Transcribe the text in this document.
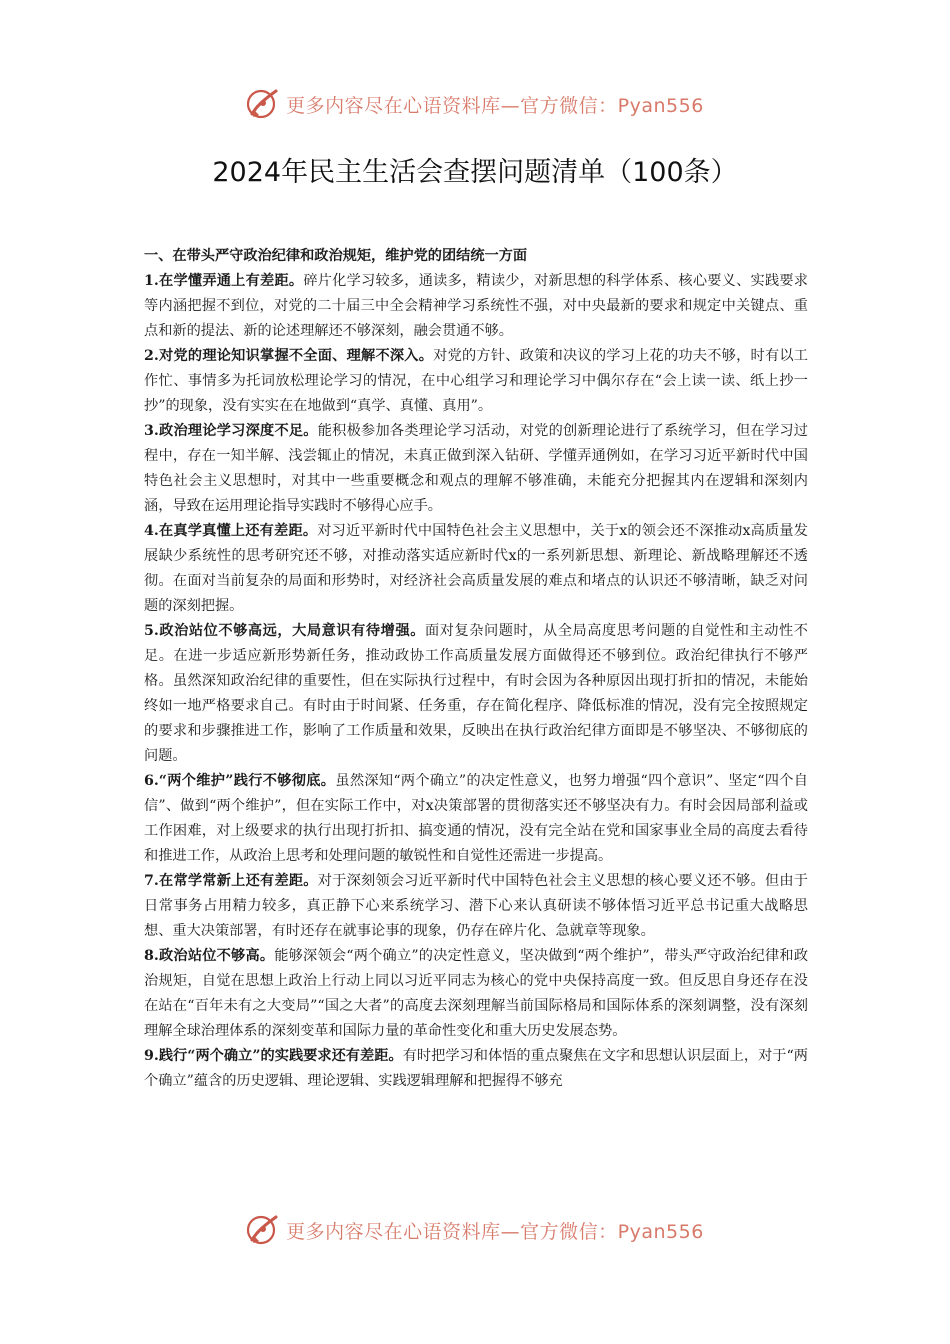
更多内容尽在心语资料库—官方微信：Pyan556
2024年民主生活会查摆问题清单（100条）

一、在带头严守政治纪律和政治规矩，维护党的团结统一方面

1.在学懂弄通上有差距。碎片化学习较多，通读多，精读少，对新思想的科学体系、核心要义、实践要求等内涵把握不到位，对党的二十届三中全会精神学习系统性不强，对中央最新的要求和规定中关键点、重点和新的提法、新的论述理解还不够深刻，融会贯通不够。

2.对党的理论知识掌握不全面、理解不深入。对党的方针、政策和决议的学习上花的功夫不够，时有以工作忙、事情多为托词放松理论学习的情况，在中心组学习和理论学习中偶尔存在“会上读一读、纸上抄一抄”的现象，没有实实在在地做到“真学、真懂、真用”。

3.政治理论学习深度不足。能积极参加各类理论学习活动，对党的创新理论进行了系统学习，但在学习过程中，存在一知半解、浅尝辄止的情况，未真正做到深入钻研、学懂弄通例如，在学习习近平新时代中国特色社会主义思想时，对其中一些重要概念和观点的理解不够准确，未能充分把握其内在逻辑和深刻内涵，导致在运用理论指导实践时不够得心应手。

4.在真学真懂上还有差距。对习近平新时代中国特色社会主义思想中，关于x的领会还不深推动x高质量发展缺少系统性的思考研究还不够，对推动落实适应新时代x的一系列新思想、新理论、新战略理解还不透彻。在面对当前复杂的局面和形势时，对经济社会高质量发展的难点和堵点的认识还不够清晰，缺乏对问题的深刻把握。

5.政治站位不够高远，大局意识有待增强。面对复杂问题时，从全局高度思考问题的自觉性和主动性不足。在进一步适应新形势新任务，推动政协工作高质量发展方面做得还不够到位。政治纪律执行不够严格。虽然深知政治纪律的重要性，但在实际执行过程中，有时会因为各种原因出现打折扣的情况，未能始终如一地严格要求自己。有时由于时间紧、任务重，存在简化程序、降低标准的情况，没有完全按照规定的要求和步骤推进工作，影响了工作质量和效果，反映出在执行政治纪律方面即是不够坚决、不够彻底的问题。

6.“两个维护”践行不够彻底。虽然深知“两个确立”的决定性意义，也努力增强“四个意识”、坚定“四个自信”、做到“两个维护”，但在实际工作中，对x决策部署的贯彻落实还不够坚决有力。有时会因局部利益或工作困难，对上级要求的执行出现打折扣、搞变通的情况，没有完全站在党和国家事业全局的高度去看待和推进工作，从政治上思考和处理问题的敏锐性和自觉性还需进一步提高。

7.在常学常新上还有差距。对于深刻领会习近平新时代中国特色社会主义思想的核心要义还不够。但由于日常事务占用精力较多，真正静下心来系统学习、潜下心来认真研读不够体悟习近平总书记重大战略思想、重大决策部署，有时还存在就事论事的现象，仍存在碎片化、急就章等现象。

8.政治站位不够高。能够深领会“两个确立”的决定性意义，坚决做到“两个维护”，带头严守政治纪律和政治规矩，自觉在思想上政治上行动上同以习近平同志为核心的党中央保持高度一致。但反思自身还存在没在站在“百年未有之大变局”“国之大者”的高度去深刻理解当前国际格局和国际体系的深刻调整，没有深刻理解全球治理体系的深刻变革和国际力量的革命性变化和重大历史发展态势。

9.践行“两个确立”的实践要求还有差距。有时把学习和体悟的重点聚焦在文字和思想认识层面上，对于“两个确立”蕴含的历史逻辑、理论逻辑、实践逻辑理解和把握得不够充

更多内容尽在心语资料库—官方微信：Pyan556
